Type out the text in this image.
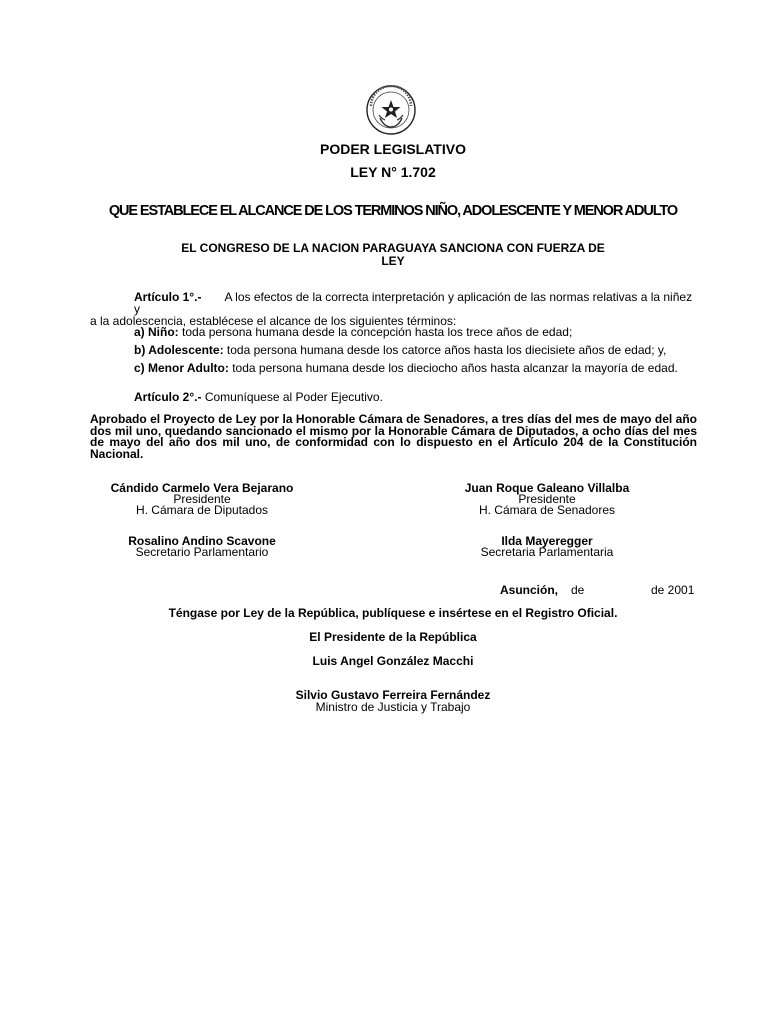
PODER LEGISLATIVO
LEY N° 1.702
QUE ESTABLECE EL ALCANCE DE LOS TERMINOS NIÑO, ADOLESCENTE Y MENOR ADULTO
EL CONGRESO DE LA NACION PARAGUAYA SANCIONA CON FUERZA DE
LEY
Artículo 1°.- A los efectos de la correcta interpretación y aplicación de las normas relativas a la niñez y
a la adolescencia, establécese el alcance de los siguientes términos:
a) Niño: toda persona humana desde la concepción hasta los trece años de edad;
b) Adolescente: toda persona humana desde los catorce años hasta los diecisiete años de edad; y,
c) Menor Adulto: toda persona humana desde los dieciocho años hasta alcanzar la mayoría de edad.
Artículo 2°.- Comuníquese al Poder Ejecutivo.
Aprobado el Proyecto de Ley por la Honorable Cámara de Senadores, a tres días del mes de mayo del año dos mil uno, quedando sancionado el mismo por la Honorable Cámara de Diputados, a ocho días del mes de mayo del año dos mil uno, de conformidad con lo dispuesto en el Artículo 204 de la Constitución Nacional.
Cándido Carmelo Vera Bejarano
Presidente
H. Cámara de Diputados
Juan Roque Galeano Villalba
Presidente
H. Cámara de Senadores
Rosalino Andino Scavone
Secretario Parlamentario
Ilda Mayeregger
Secretaria Parlamentaria
Asunción, de	de 2001
Téngase por Ley de la República, publíquese e insértese en el Registro Oficial.
El Presidente de la República
Luis Angel González Macchi
Silvio Gustavo Ferreira Fernández
Ministro de Justicia y Trabajo
